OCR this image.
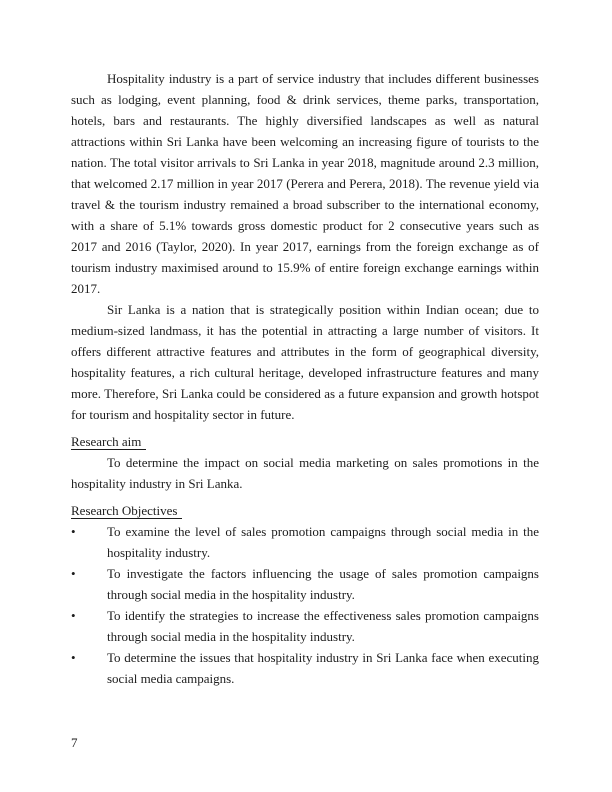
Hospitality industry is a part of service industry that includes different businesses such as lodging, event planning, food & drink services, theme parks, transportation, hotels, bars and restaurants. The highly diversified landscapes as well as natural attractions within Sri Lanka have been welcoming an increasing figure of tourists to the nation. The total visitor arrivals to Sri Lanka in year 2018, magnitude around 2.3 million, that welcomed 2.17 million in year 2017 (Perera and Perera, 2018). The revenue yield via travel & the tourism industry remained a broad subscriber to the international economy, with a share of 5.1% towards gross domestic product for 2 consecutive years such as 2017 and 2016 (Taylor, 2020). In year 2017, earnings from the foreign exchange as of tourism industry maximised around to 15.9% of entire foreign exchange earnings within 2017.

Sir Lanka is a nation that is strategically position within Indian ocean; due to medium-sized landmass, it has the potential in attracting a large number of visitors. It offers different attractive features and attributes in the form of geographical diversity, hospitality features, a rich cultural heritage, developed infrastructure features and many more. Therefore, Sri Lanka could be considered as a future expansion and growth hotspot for tourism and hospitality sector in future.

Research aim

To determine the impact on social media marketing on sales promotions in the hospitality industry in Sri Lanka.

Research Objectives

•	To examine the level of sales promotion campaigns through social media in the hospitality industry.
•	To investigate the factors influencing the usage of sales promotion campaigns through social media in the hospitality industry.
•	To identify the strategies to increase the effectiveness sales promotion campaigns through social media in the hospitality industry.
•	To determine the issues that hospitality industry in Sri Lanka face when executing social media campaigns.
7
